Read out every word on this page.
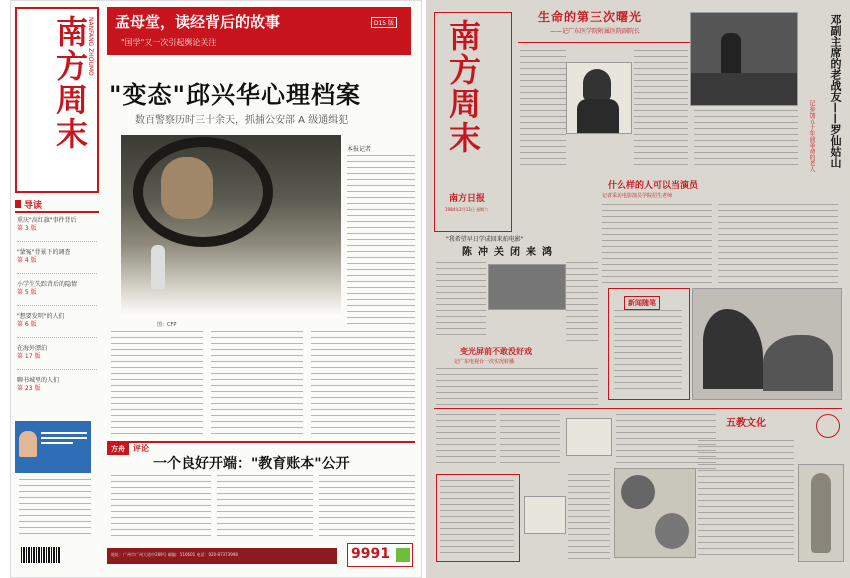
南方周末
NANFANG ZHOUMO
导读
重庆"高红旗"事件背后
第 3 版
"蒙冤"背景下的调查
第 4 版
小学生失踪背后的隐情
第 5 版
"想要发明"的人们
第 6 版
在海外漂泊
第 17 版
聊书城里的人们
第 23 版
孟母堂，读经背后的故事
"国学"又一次引起舆论关注
D15 版
"变态"邱兴华心理档案
数百警察历时三十余天，抓捕公安部 A 级通缉犯
图：CFP
本报记者
方舟	评论
一个良好开端："教育账本"公开
地址：广州市广州大道中289号 邮编：510601 电话：020-87373998	9991
南方周末
南方日报
1984年2月11日 星期六
生命的第三次曙光
——记广东医学院附属医院副院长	邓副主席的老战友——罗仙姑山
记参加五十年前革命的老人
什么样的人可以当演员
记者采访电影演员学院招生老师
"我希望早日学成回来拍电影"
陈冲关闭来鸿
变光屏前不敢没好戏
记广东电视台一次实况转播
新闻随笔
五教文化
